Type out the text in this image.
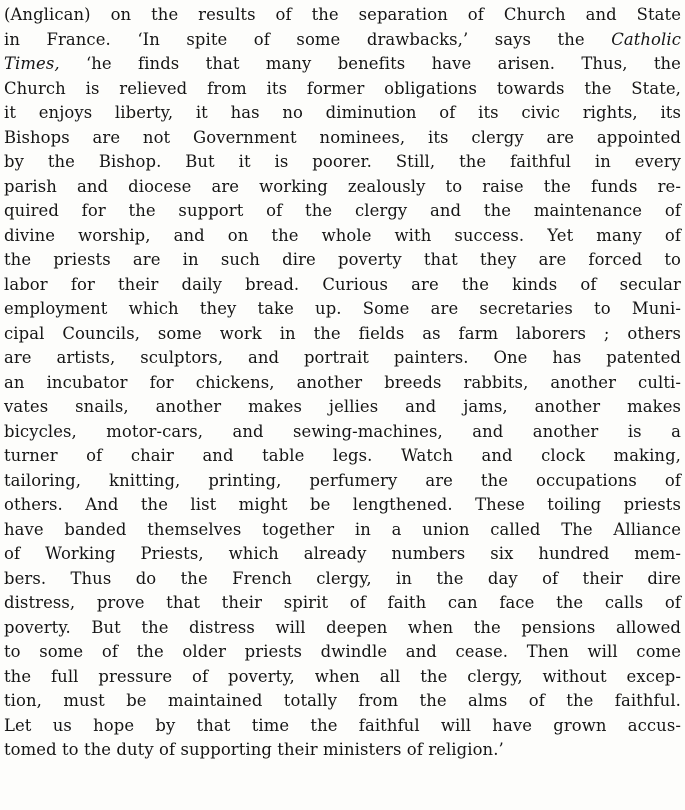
(Anglican) on the results of the separation of Church and State
in France. ‘In spite of some drawbacks,’ says the Catholic
Times, ‘he finds that many benefits have arisen. Thus, the
Church is relieved from its former obligations towards the State,
it enjoys liberty, it has no diminution of its civic rights, its
Bishops are not Government nominees, its clergy are appointed
by the Bishop. But it is poorer. Still, the faithful in every
parish and diocese are working zealously to raise the funds re-
quired for the support of the clergy and the maintenance of
divine worship, and on the whole with success. Yet many of
the priests are in such dire poverty that they are forced to
labor for their daily bread. Curious are the kinds of secular
employment which they take up. Some are secretaries to Muni-
cipal Councils, some work in the fields as farm laborers ; others
are artists, sculptors, and portrait painters. One has patented
an incubator for chickens, another breeds rabbits, another culti-
vates snails, another makes jellies and jams, another makes
bicycles, motor-cars, and sewing-machines, and another is a
turner of chair and table legs. Watch and clock making,
tailoring, knitting, printing, perfumery are the occupations of
others. And the list might be lengthened. These toiling priests
have banded themselves together in a union called The Alliance
of Working Priests, which already numbers six hundred mem-
bers. Thus do the French clergy, in the day of their dire
distress, prove that their spirit of faith can face the calls of
poverty. But the distress will deepen when the pensions allowed
to some of the older priests dwindle and cease. Then will come
the full pressure of poverty, when all the clergy, without excep-
tion, must be maintained totally from the alms of the faithful.
Let us hope by that time the faithful will have grown accus-
tomed to the duty of supporting their ministers of religion.’
